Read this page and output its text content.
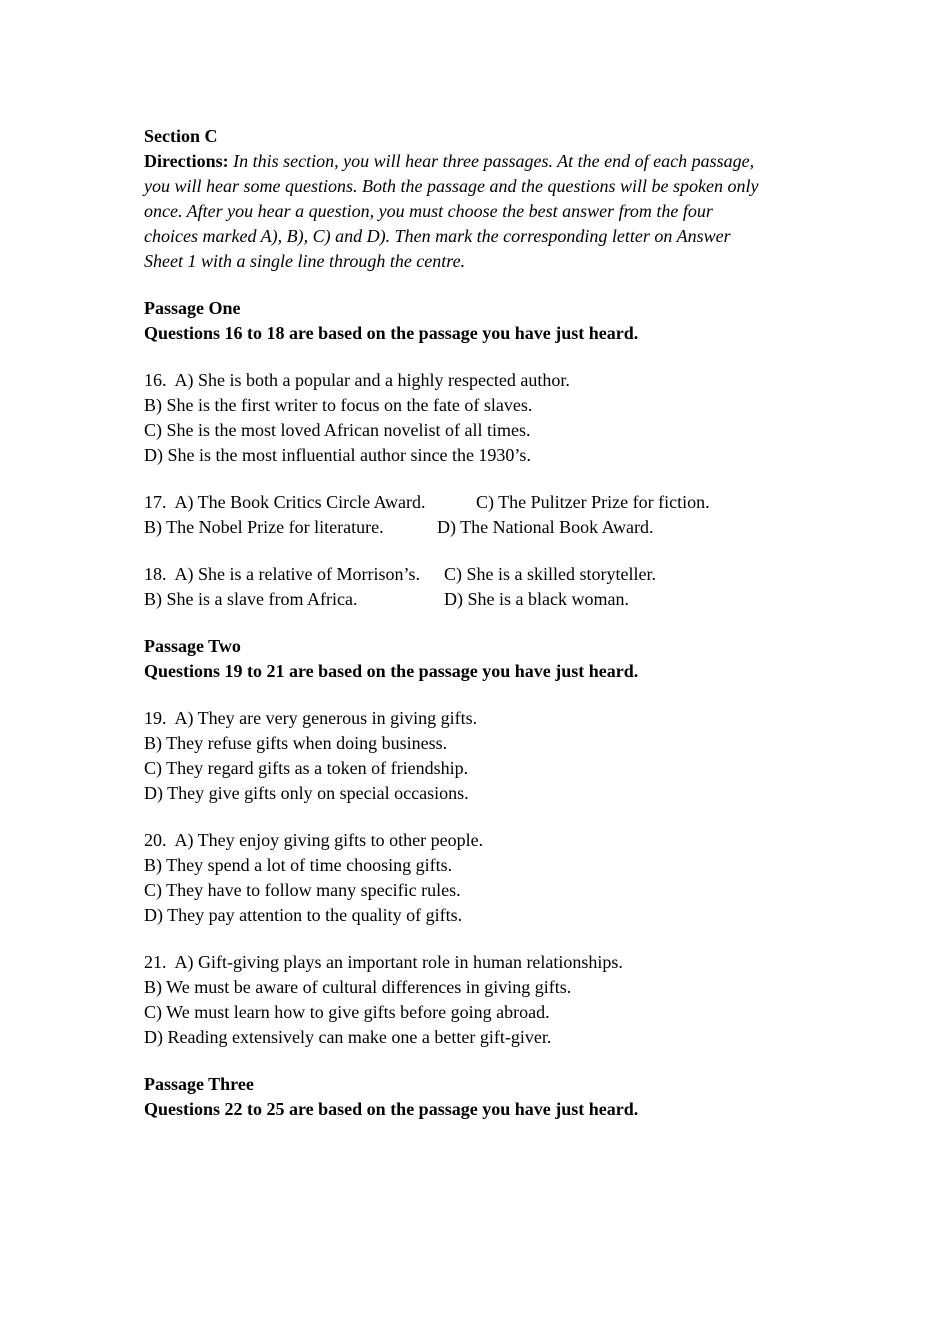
Section C
Directions: In this section, you will hear three passages. At the end of each passage,
you will hear some questions. Both the passage and the questions will be spoken only
once. After you hear a question, you must choose the best answer from the four
choices marked A), B), C) and D). Then mark the corresponding letter on Answer
Sheet 1 with a single line through the centre.
Passage One
Questions 16 to 18 are based on the passage you have just heard.
16.  A) She is both a popular and a highly respected author.
B) She is the first writer to focus on the fate of slaves.
C) She is the most loved African novelist of all times.
D) She is the most influential author since the 1930’s.
17.  A) The Book Critics Circle Award.	C) The Pulitzer Prize for fiction.
B) The Nobel Prize for literature.	D) The National Book Award.
18.  A) She is a relative of Morrison’s.	C) She is a skilled storyteller.
B) She is a slave from Africa.	D) She is a black woman.
Passage Two
Questions 19 to 21 are based on the passage you have just heard.
19.  A) They are very generous in giving gifts.
B) They refuse gifts when doing business.
C) They regard gifts as a token of friendship.
D) They give gifts only on special occasions.
20.  A) They enjoy giving gifts to other people.
B) They spend a lot of time choosing gifts.
C) They have to follow many specific rules.
D) They pay attention to the quality of gifts.
21.  A) Gift-giving plays an important role in human relationships.
B) We must be aware of cultural differences in giving gifts.
C) We must learn how to give gifts before going abroad.
D) Reading extensively can make one a better gift-giver.
Passage Three
Questions 22 to 25 are based on the passage you have just heard.
